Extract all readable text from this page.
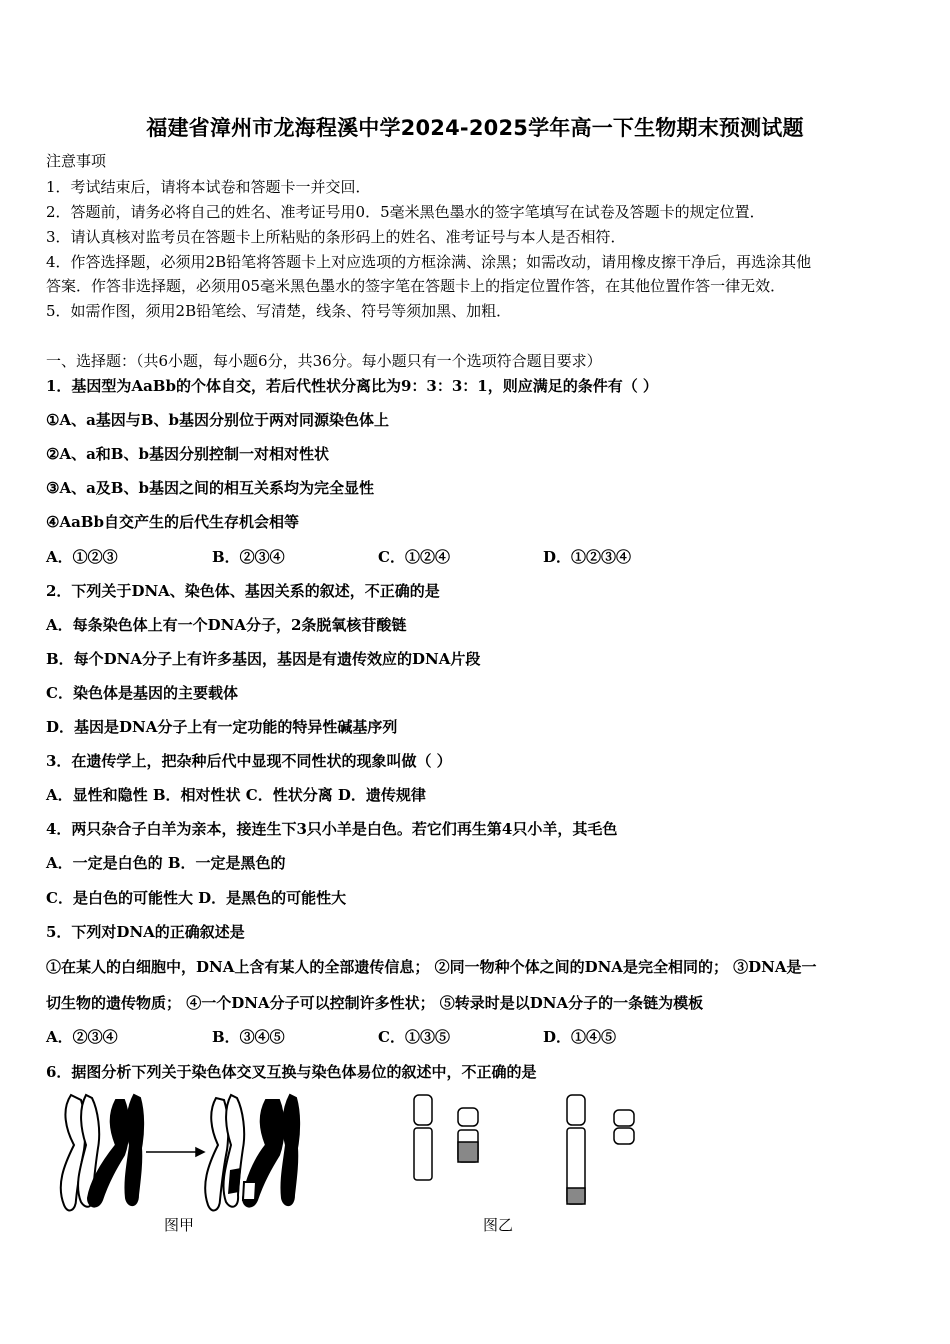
福建省漳州市龙海程溪中学2024-2025学年高一下生物期末预测试题
注意事项
1．考试结束后，请将本试卷和答题卡一并交回．
2．答题前，请务必将自己的姓名、准考证号用0．5毫米黑色墨水的签字笔填写在试卷及答题卡的规定位置．
3．请认真核对监考员在答题卡上所粘贴的条形码上的姓名、准考证号与本人是否相符．
4．作答选择题，必须用2B铅笔将答题卡上对应选项的方框涂满、涂黑；如需改动，请用橡皮擦干净后，再选涂其他
答案．作答非选择题，必须用05毫米黑色墨水的签字笔在答题卡上的指定位置作答，在其他位置作答一律无效．
5．如需作图，须用2B铅笔绘、写清楚，线条、符号等须加黑、加粗．
一、选择题：（共6小题，每小题6分，共36分。每小题只有一个选项符合题目要求）
1．基因型为AaBb的个体自交，若后代性状分离比为9：3：3：1，则应满足的条件有（ ）
①A、a基因与B、b基因分别位于两对同源染色体上
②A、a和B、b基因分别控制一对相对性状
③A、a及B、b基因之间的相互关系均为完全显性
④AaBb自交产生的后代生存机会相等
A．①②③	B．②③④	C．①②④	D．①②③④
2．下列关于DNA、染色体、基因关系的叙述，不正确的是
A．每条染色体上有一个DNA分子，2条脱氧核苷酸链
B．每个DNA分子上有许多基因，基因是有遗传效应的DNA片段
C．染色体是基因的主要载体
D．基因是DNA分子上有一定功能的特异性碱基序列
3．在遗传学上，把杂种后代中显现不同性状的现象叫做（ ）
A．显性和隐性 B．相对性状 C．性状分离 D．遗传规律
4．两只杂合子白羊为亲本，接连生下3只小羊是白色。若它们再生第4只小羊，其毛色
A．一定是白色的 B．一定是黑色的
C．是白色的可能性大 D．是黑色的可能性大
5．下列对DNA的正确叙述是
①在某人的白细胞中，DNA上含有某人的全部遗传信息； ②同一物种个体之间的DNA是完全相同的； ③DNA是一
切生物的遗传物质； ④一个DNA分子可以控制许多性状； ⑤转录时是以DNA分子的一条链为模板
A．②③④	B．③④⑤	C．①③⑤	D．①④⑤
6．据图分析下列关于染色体交叉互换与染色体易位的叙述中，不正确的是
图甲	图乙
